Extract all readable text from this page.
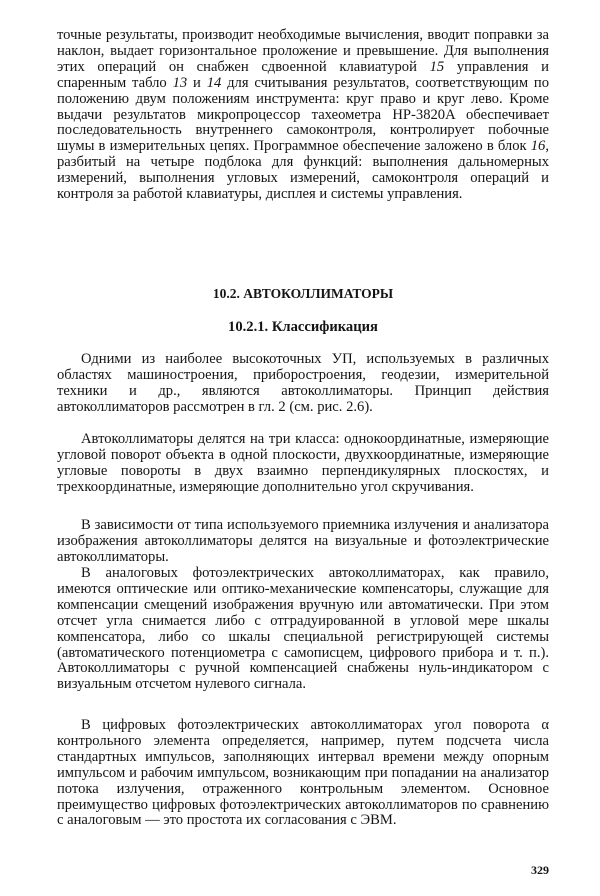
точные результаты, производит необходимые вычисления, вводит поправки за наклон, выдает горизонтальное проложение и превышение. Для выполнения этих операций он снабжен сдвоенной клавиатурой 15 управления и спаренным табло 13 и 14 для считывания результатов, соответствующим по положению двум положениям инструмента: круг право и круг лево. Кроме выдачи результатов микропроцессор тахеометра HP-3820A обеспечивает последовательность внутреннего самоконтроля, контролирует побочные шумы в измерительных цепях. Программное обеспечение заложено в блок 16, разбитый на четыре подблока для функций: выполнения дальномерных измерений, выполнения угловых измерений, самоконтроля операций и контроля за работой клавиатуры, дисплея и системы управления.

10.2. АВТОКОЛЛИМАТОРЫ
10.2.1. Классификация

Одними из наиболее высокоточных УП, используемых в различных областях машиностроения, приборостроения, геодезии, измерительной техники и др., являются автоколлиматоры. Принцип действия автоколлиматоров рассмотрен в гл. 2 (см. рис. 2.6).

Автоколлиматоры делятся на три класса: однокоординатные, измеряющие угловой поворот объекта в одной плоскости, двухкоординатные, измеряющие угловые повороты в двух взаимно перпендикулярных плоскостях, и трехкоординатные, измеряющие дополнительно угол скручивания.

В зависимости от типа используемого приемника излучения и анализатора изображения автоколлиматоры делятся на визуальные и фотоэлектрические автоколлиматоры.

В аналоговых фотоэлектрических автоколлиматорах, как правило, имеются оптические или оптико-механические компенсаторы, служащие для компенсации смещений изображения вручную или автоматически. При этом отсчет угла снимается либо с отградуированной в угловой мере шкалы компенсатора, либо со шкалы специальной регистрирующей системы (автоматического потенциометра с самописцем, цифрового прибора и т. п.). Автоколлиматоры с ручной компенсацией снабжены нуль-индикатором с визуальным отсчетом нулевого сигнала.

В цифровых фотоэлектрических автоколлиматорах угол поворота α контрольного элемента определяется, например, путем подсчета числа стандартных импульсов, заполняющих интервал времени между опорным импульсом и рабочим импульсом, возникающим при попадании на анализатор потока излучения, отраженного контрольным элементом. Основное преимущество цифровых фотоэлектрических автоколлиматоров по сравнению с аналоговым — это простота их согласования с ЭВМ.

329
